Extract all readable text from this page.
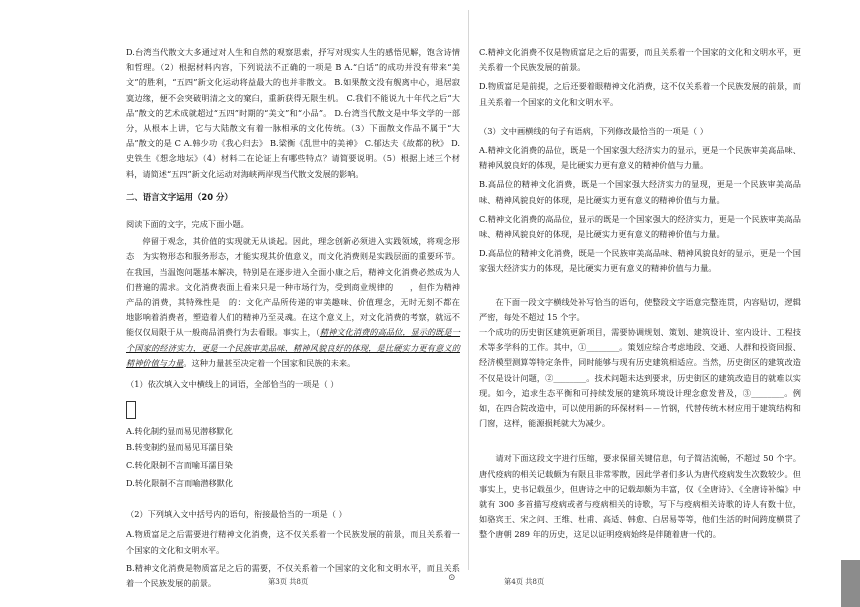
D.台湾当代散文大多通过对人生和自然的观察思索，抒写对现实人生的感悟见解，饱含诗情和哲理。（2）根据材料内容，下列说法不正确的一项是 B A.“白话”的成功并没有带来“美文”的胜利，“五四”新文化运动将益最大的也并非散文。 B.如果散文没有舰离中心，退居寂寞边缘，便不会突破明清之文的窠臼，重新获得无限生机。 C.我们不能说九十年代之后“大品”散文的艺术成就超过“五四”时期的“美文”和“小品”。 D.台湾当代散文是中华文学的一部分，从根本上讲，它与大陆散文有着一脉相承的文化传统。（3）下面散文作品不属于“大品”散文的是 C A.韩少功《我心归去》 B.梁衡《乱世中的美神》 C.郁达夫《故都的秋》 D.史铁生《想念地坛》（4）材料二在论证上有哪些特点？请简要说明。（5）根据上述三个材料，请简述“五四”新文化运动对海峡两岸现当代散文发展的影响。

二、语言文字运用（20 分）

阅读下面的文字，完成下面小题。

停留于观念，其价值的实现就无从谈起。因此，理念创新必须进入实践领域，将观念形态　为实物形态和服务形态，才能实现其价值意义，而文化消费则是实践层面的重要环节。在我国，当温饱问题基本解决，特别是在逐步进入全面小康之后，精神文化消费必然成为人们普遍的需求。文化消费表面上看来只是一种市场行为，受到商业规律的　　，但作为精神产品的消费，其特殊性是　的：文化产品所传递的审美趣味、价值理念，无时无刻不都在　地影响着消费者，塑造着人们的精神乃至灵魂。在这个意义上，对文化消费的考察，就远不能仅仅局限于从一般商品消费行为去看眼。事实上，（精神文化消费的高品位，显示的既是一个国家的经济实力，更是一个民族审美品味、精神风貌良好的体现，是比硬实力更有意义的精神价值与力量。这种力量甚至决定着一个国家和民族的未来。

（1）依次填入文中横线上的词语，全部恰当的一项是（ ）

A.转化制约显而易见潜移默化

B.转变制约显而易见耳濡目染

C.转化限制不言而喻耳濡目染

D.转化限制不言而喻潜移默化

（2）下列填入文中括号内的语句，衔接最恰当的一项是（ ）

A.物质富足之后需要进行精神文化消费，这不仅关系着一个民族发展的前景，而且关系着一个国家的文化和文明水平。

B.精神文化消费是物质富足之后的需要，不仅关系着一个国家的文化和文明水平，而且关系着一个民族发展的前景。

C.精神文化消费不仅是物质富足之后的需要，而且关系着一个国家的文化和文明水平，更关系着一个民族发展的前景。

D.物质富足是前提，之后还要着眼精神文化消费，这不仅关系着一个民族发展的前景，而且关系着一个国家的文化和文明水平。

（3）文中画横线的句子有语病，下列修改最恰当的一项是（ ）

A.精神文化消费的品位，既是一个国家强大经济实力的显示，更是一个民族审美高品味、精神风貌良好的体现，是比硬实力更有意义的精神价值与力量。

B.高品位的精神文化消费，既是一个国家强大经济实力的显现，更是一个民族审美高品味、精神风貌良好的体现，是比硬实力更有意义的精神价值与力量。

C.精神文化消费的高品位，显示的既是一个国家强大的经济实力，更是一个民族审美高品味、精神风貌良好的体现，是比硬实力更有意义的精神价值与力量。

D.高品位的精神文化消费，既是一个民族审美高品味、精神风貌良好的显示，更是一个国家强大经济实力的体现，是比硬实力更有意义的精神价值与力量。

在下面一段文字横线处补写恰当的语句，使整段文字语意完整连贯，内容贴切，逻辑严密，每处不超过 15 个字。

一个成功的历史街区建筑更新项目，需要协调规划、策划、建筑设计、室内设计、工程技术等多学科的工作。其中，①________。策划应综合考虑地段、交通、人群和投资回报、经济模型测算等特定条件，同时能够与现有历史建筑相适应。当然，历史街区的建筑改造不仅是设计问题，②________。技术问题未达到要求，历史街区的建筑改造目的就难以实现。如今，追求生态平衡和可持续发展的建筑环境设计理念愈发普及，③________。例如，在四合院改造中，可以使用新的环保材料－－竹钢，代替传统木材应用于建筑结构和门窗，这样，能源损耗就大为减少。

请对下面这段文字进行压缩，要求保留关键信息，句子简洁流畅，不超过 50 个字。唐代疫病的相关记载颇为有限且非常零散，因此学者们多认为唐代疫病发生次数较少。但事实上，史书记载虽少，但唐诗之中的记载却颇为丰富，仅《全唐诗》、《全唐诗补编》中就有 300 多首描写疫病或者与疫病相关的诗歌，写下与疫病相关诗歌的诗人有数十位，如骆宾王、宋之问、王维、杜甫、高适、韩愈、白居易等等，他们生活的时间跨度横贯了整个唐朝 289 年的历史，这足以证明疫病始终是伴随着唐一代的。

第3页 共8页	⊙	第4页 共8页
